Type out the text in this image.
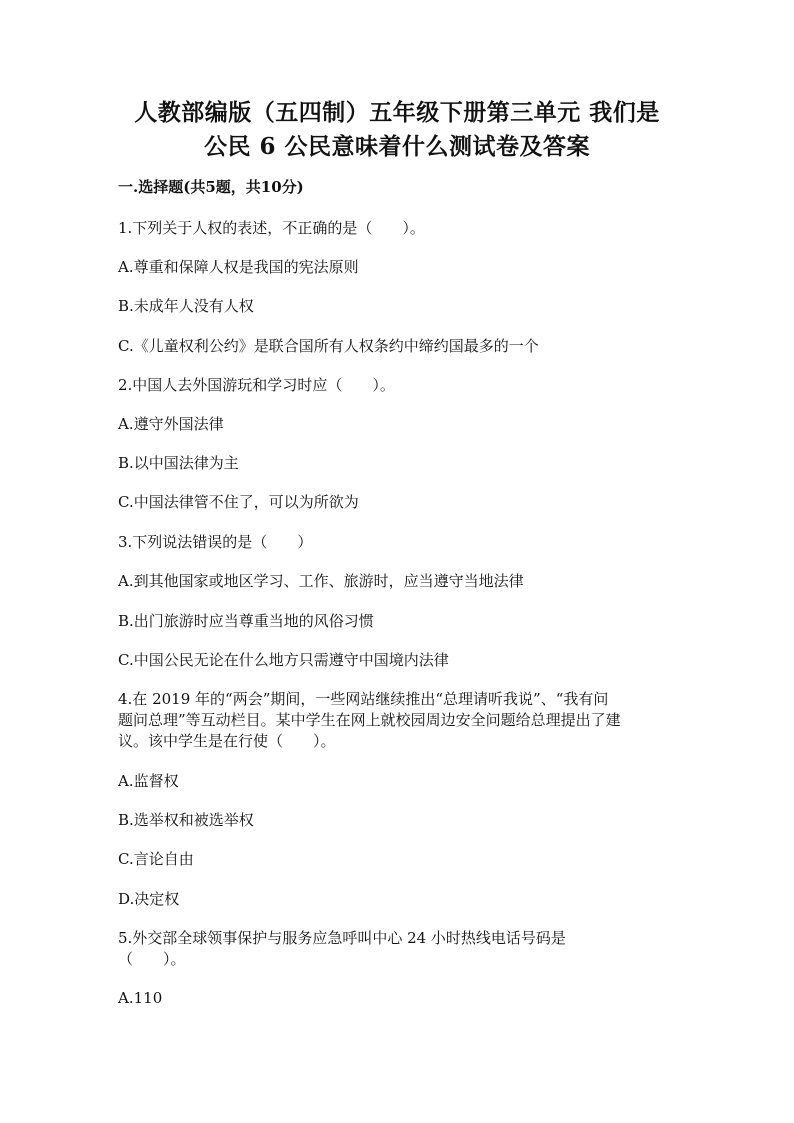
人教部编版（五四制）五年级下册第三单元 我们是
公民 6 公民意味着什么测试卷及答案
一.选择题(共5题，共10分)
1.下列关于人权的表述，不正确的是（　　）。
A.尊重和保障人权是我国的宪法原则
B.未成年人没有人权
C.《儿童权利公约》是联合国所有人权条约中缔约国最多的一个
2.中国人去外国游玩和学习时应（　　）。
A.遵守外国法律
B.以中国法律为主
C.中国法律管不住了，可以为所欲为
3.下列说法错误的是（　　）
A.到其他国家或地区学习、工作、旅游时，应当遵守当地法律
B.出门旅游时应当尊重当地的风俗习惯
C.中国公民无论在什么地方只需遵守中国境内法律
4.在 2019 年的“两会”期间，一些网站继续推出“总理请听我说”、“我有问
题问总理”等互动栏目。某中学生在网上就校园周边安全问题给总理提出了建
议。该中学生是在行使（　　）。
A.监督权
B.选举权和被选举权
C.言论自由
D.决定权
5.外交部全球领事保护与服务应急呼叫中心 24 小时热线电话号码是
（　　）。
A.110
